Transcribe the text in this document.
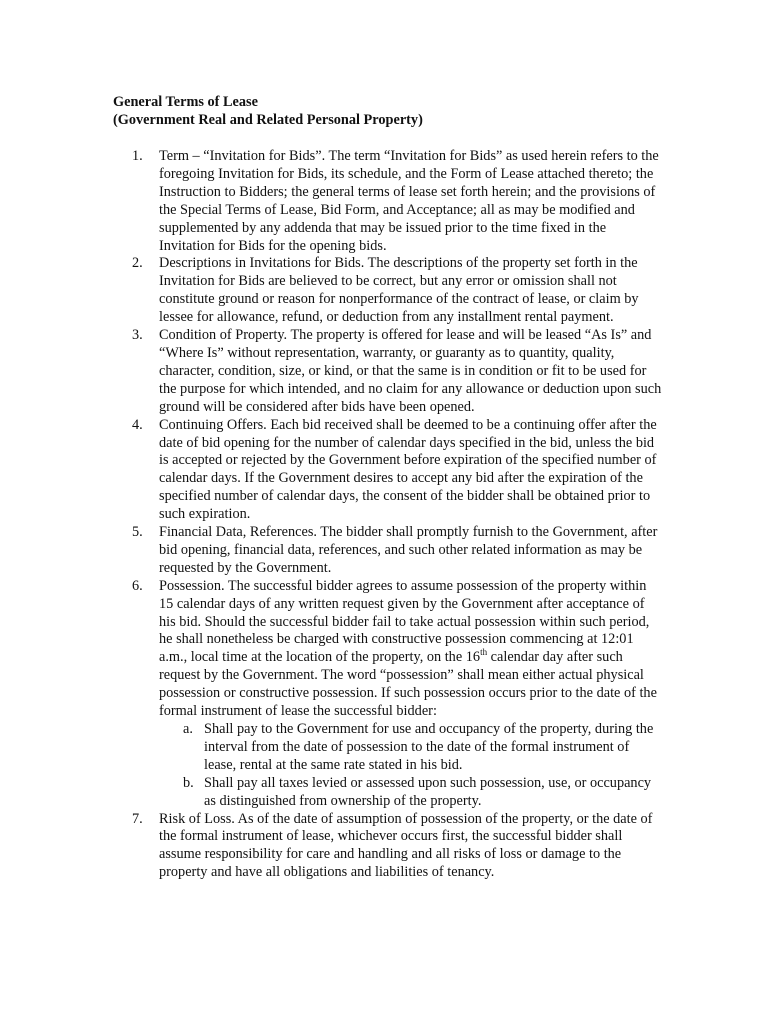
General Terms of Lease
(Government Real and Related Personal Property)
1. Term – “Invitation for Bids”. The term “Invitation for Bids” as used herein refers to the foregoing Invitation for Bids, its schedule, and the Form of Lease attached thereto; the Instruction to Bidders; the general terms of lease set forth herein; and the provisions of the Special Terms of Lease, Bid Form, and Acceptance; all as may be modified and supplemented by any addenda that may be issued prior to the time fixed in the Invitation for Bids for the opening bids.
2. Descriptions in Invitations for Bids. The descriptions of the property set forth in the Invitation for Bids are believed to be correct, but any error or omission shall not constitute ground or reason for nonperformance of the contract of lease, or claim by lessee for allowance, refund, or deduction from any installment rental payment.
3. Condition of Property. The property is offered for lease and will be leased “As Is” and “Where Is” without representation, warranty, or guaranty as to quantity, quality, character, condition, size, or kind, or that the same is in condition or fit to be used for the purpose for which intended, and no claim for any allowance or deduction upon such ground will be considered after bids have been opened.
4. Continuing Offers. Each bid received shall be deemed to be a continuing offer after the date of bid opening for the number of calendar days specified in the bid, unless the bid is accepted or rejected by the Government before expiration of the specified number of calendar days. If the Government desires to accept any bid after the expiration of the specified number of calendar days, the consent of the bidder shall be obtained prior to such expiration.
5. Financial Data, References. The bidder shall promptly furnish to the Government, after bid opening, financial data, references, and such other related information as may be requested by the Government.
6. Possession. The successful bidder agrees to assume possession of the property within 15 calendar days of any written request given by the Government after acceptance of his bid. Should the successful bidder fail to take actual possession within such period, he shall nonetheless be charged with constructive possession commencing at 12:01 a.m., local time at the location of the property, on the 16th calendar day after such request by the Government. The word “possession” shall mean either actual physical possession or constructive possession. If such possession occurs prior to the date of the formal instrument of lease the successful bidder:
a. Shall pay to the Government for use and occupancy of the property, during the interval from the date of possession to the date of the formal instrument of lease, rental at the same rate stated in his bid.
b. Shall pay all taxes levied or assessed upon such possession, use, or occupancy as distinguished from ownership of the property.
7. Risk of Loss. As of the date of assumption of possession of the property, or the date of the formal instrument of lease, whichever occurs first, the successful bidder shall assume responsibility for care and handling and all risks of loss or damage to the property and have all obligations and liabilities of tenancy.
